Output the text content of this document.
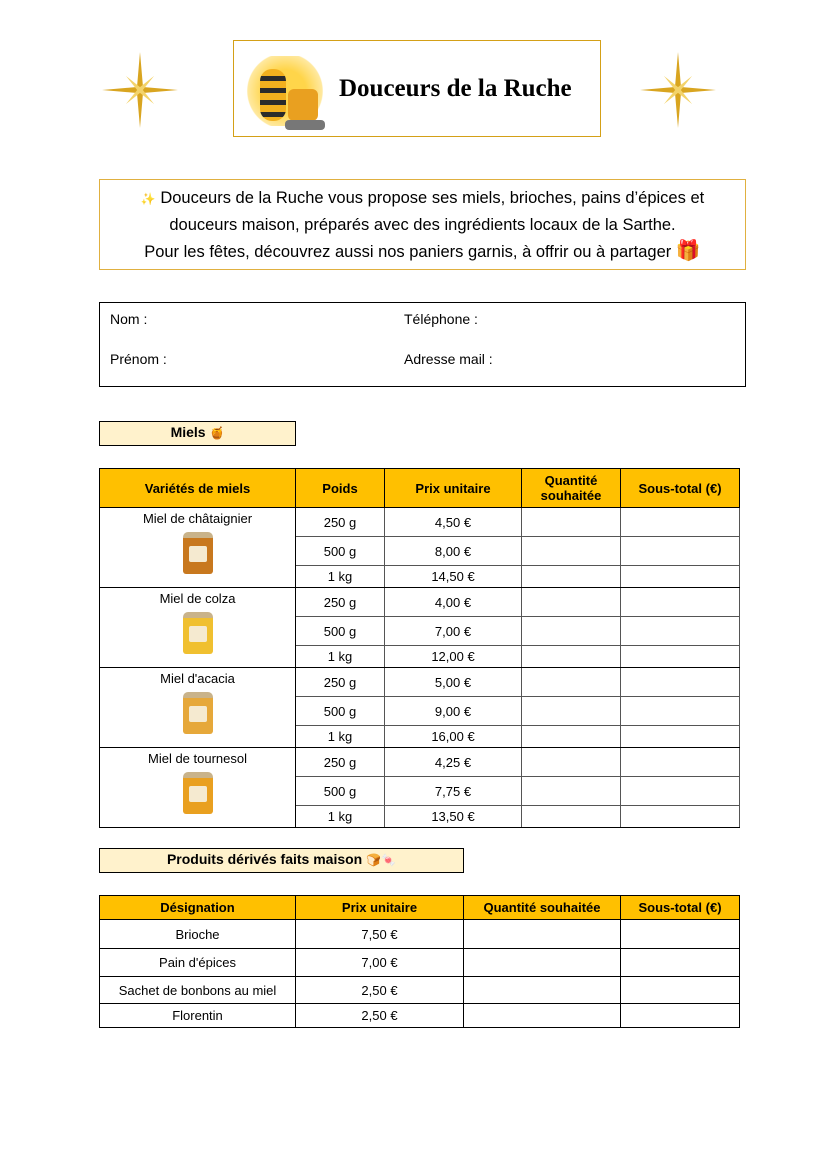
Douceurs de la Ruche
✨ Douceurs de la Ruche vous propose ses miels, brioches, pains d’épices et
douceurs maison, préparés avec des ingrédients locaux de la Sarthe.
Pour les fêtes, découvrez aussi nos paniers garnis, à offrir ou à partager 🎁
Nom :
Prénom :
Téléphone :
Adresse mail :
Miels 🍯
Variétés de miels	Poids	Prix unitaire	Quantité souhaitée	Sous-total (€)

Miel de châtaignier	250 g	4,50 €		
	500 g	8,00 €		
	1 kg	14,50 €		

Miel de colza	250 g	4,00 €		
	500 g	7,00 €		
	1 kg	12,00 €		

Miel d'acacia	250 g	5,00 €		
	500 g	9,00 €		
	1 kg	16,00 €		

Miel de tournesol	250 g	4,25 €		
	500 g	7,75 €		
	1 kg	13,50 €		
Produits dérivés faits maison 🍞🍬
Désignation	Prix unitaire	Quantité souhaitée	Sous-total (€)
Brioche	7,50 €		
Pain d'épices	7,00 €		
Sachet de bonbons au miel	2,50 €		
Florentin	2,50 €		
